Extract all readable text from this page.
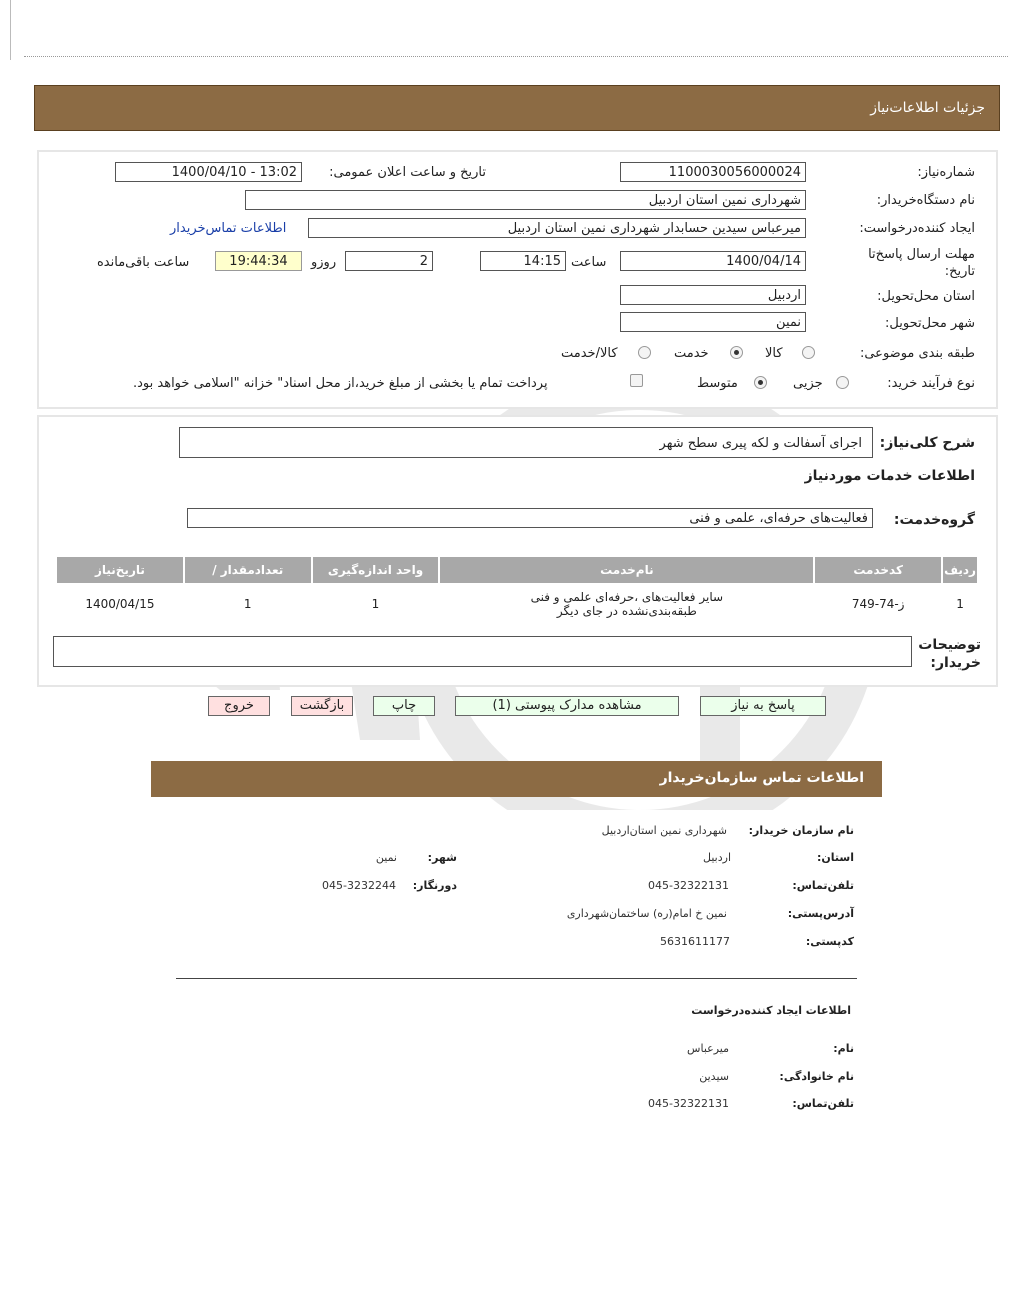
جزئیات اطلاعات‌نیاز
شماره‌نیاز:
1100030056000024
تاریخ و ساعت اعلان عمومی:
1400/04/10 - 13:02
نام دستگاه‌خریدار:
شهرداری نمین استان اردبیل
ایجاد کننده‌درخواست:
میرعباس سیدین حسابدار شهرداری نمین استان اردبیل
اطلاعات تماس‌خریدار
مهلت ارسال پاسخ‌تا تاریخ:
1400/04/14
ساعت
14:15
2
روزو
19:44:34
ساعت باقی‌مانده
استان محل‌تحویل:
اردبیل
شهر محل‌تحویل:
نمین
طبقه بندی موضوعی:
کالا
خدمت
کالا/خدمت
نوع فرآیند خرید:
جزیی
متوسط
پرداخت تمام یا بخشی از مبلغ خرید،از محل اسناد" خزانه "اسلامی خواهد بود.
شرح کلی‌نیاز:
اجرای آسفالت و لکه پیری سطح شهر
اطلاعات خدمات موردنیاز
گروه‌خدمت:
فعالیت‌های حرفه‌ای، علمی و فنی
ردیف	کدخدمت	نام‌خدمت	واحد اندازه‌گیری	تعدادمقدار /	تاریخ‌نیاز
1	ز-74-749	سایر فعالیت‌های ،حرفه‌ای علمی و فنی
طبقه‌بندی‌نشده در جای دیگر	1	1	1400/04/15
توضیحات خریدار:
پاسخ به نیاز
مشاهده مدارک پیوستی (1)
چاپ
بازگشت
خروج
اطلاعات تماس سازمان‌خریدار
نام سازمان خریدار:
شهرداری نمین استان‌اردبیل
استان:
اردبیل
شهر:
نمین
تلفن‌تماس:
045-32322131
دورنگار:
045-3232244
آدرس‌پستی:
نمین خ امام(ره) ساختمان‌شهرداری
کدپستی:
5631611177
اطلاعات ایجاد کننده‌درخواست
نام:
میرعباس
نام خانوادگی:
سیدین
تلفن‌تماس:
045-32322131
